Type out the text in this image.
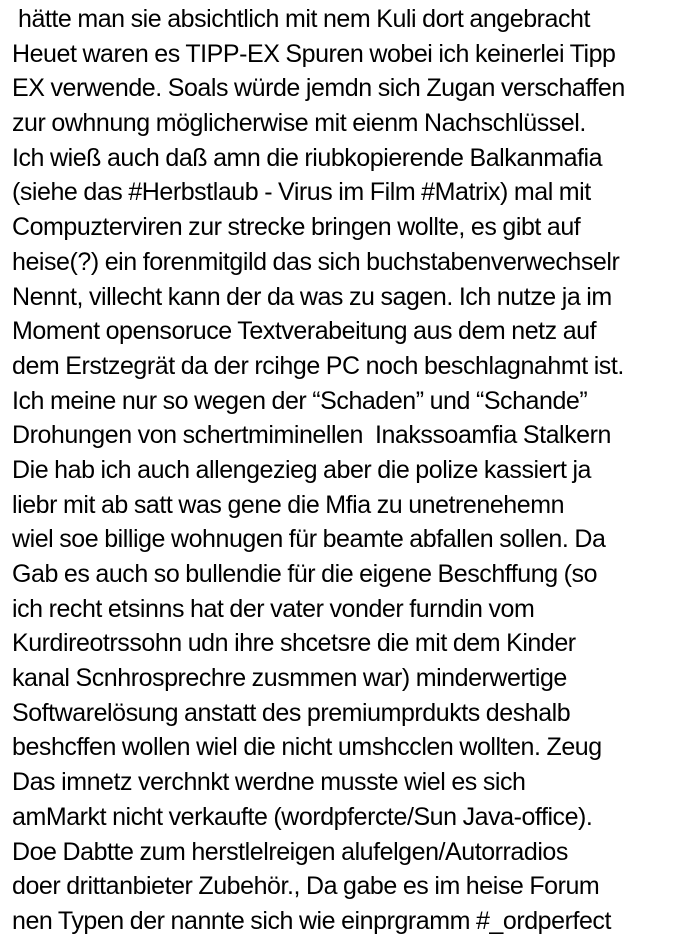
hätte man sie absichtlich mit nem Kuli dort angebracht
Heuet waren es TIPP-EX Spuren wobei ich keinerlei Tipp
EX verwende. Soals würde jemdn sich Zugan verschaffen
zur owhnung möglicherwise mit eienm Nachschlüssel.
Ich wieß auch daß amn die riubkopierende Balkanmafia
(siehe das #Herbstlaub - Virus im Film #Matrix) mal mit
Compuzterviren zur strecke bringen wollte, es gibt auf
heise(?) ein forenmitgild das sich buchstabenverwechselr
Nennt, villecht kann der da was zu sagen. Ich nutze ja im
Moment opensoruce Textverabeitung aus dem netz auf
dem Erstzegrät da der rcihge PC noch beschlagnahmt ist.
Ich meine nur so wegen der “Schaden” und “Schande”
Drohungen von schertmiminellen  Inakssoamfia Stalkern
Die hab ich auch allengezieg aber die polize kassiert ja
liebr mit ab satt was gene die Mfia zu unetrenehemn
wiel soe billige wohnugen für beamte abfallen sollen. Da
Gab es auch so bullendie für die eigene Beschffung (so
ich recht etsinns hat der vater vonder furndin vom
Kurdireotrssohn udn ihre shcetsre die mit dem Kinder
kanal Scnhrosprechre zusmmen war) minderwertige
Softwarelösung anstatt des premiumprdukts deshalb
beshcffen wollen wiel die nicht umshcclen wollten. Zeug
Das imnetz verchnkt werdne musste wiel es sich
amMarkt nicht verkaufte (wordpfercte/Sun Java-office).
Doe Dabtte zum herstlelreigen alufelgen/Autorradios
doer drittanbieter Zubehör., Da gabe es im heise Forum
nen Typen der nannte sich wie einprgramm #_ordperfect
